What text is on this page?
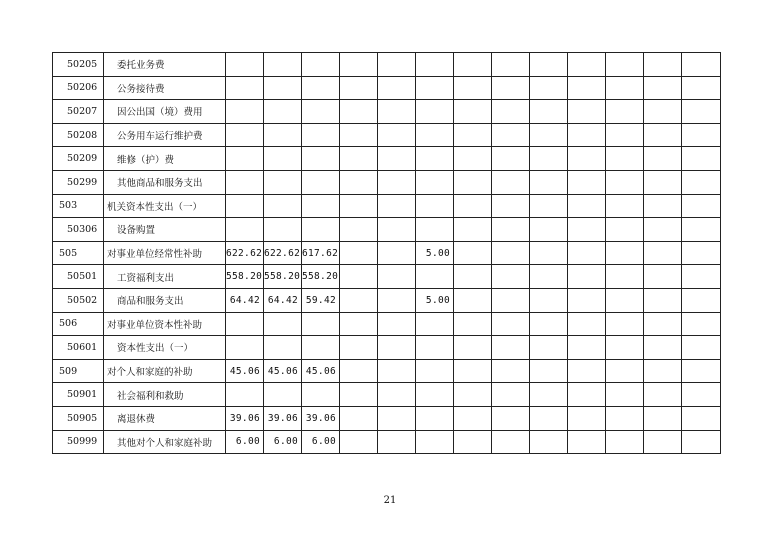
50205	委托业务费													
50206	公务接待费													
50207	因公出国（境）费用													
50208	公务用车运行维护费													
50209	维修（护）费													
50299	其他商品和服务支出													
503	机关资本性支出（一）													
50306	设备购置													
505	对事业单位经常性补助	622.62	622.62	617.62			5.00							
50501	工资福利支出	558.20	558.20	558.20										
50502	商品和服务支出	64.42	64.42	59.42			5.00							
506	对事业单位资本性补助													
50601	资本性支出（一）													
509	对个人和家庭的补助	45.06	45.06	45.06										
50901	社会福利和救助													
50905	离退休费	39.06	39.06	39.06										
50999	其他对个人和家庭补助	6.00	6.00	6.00										
21
